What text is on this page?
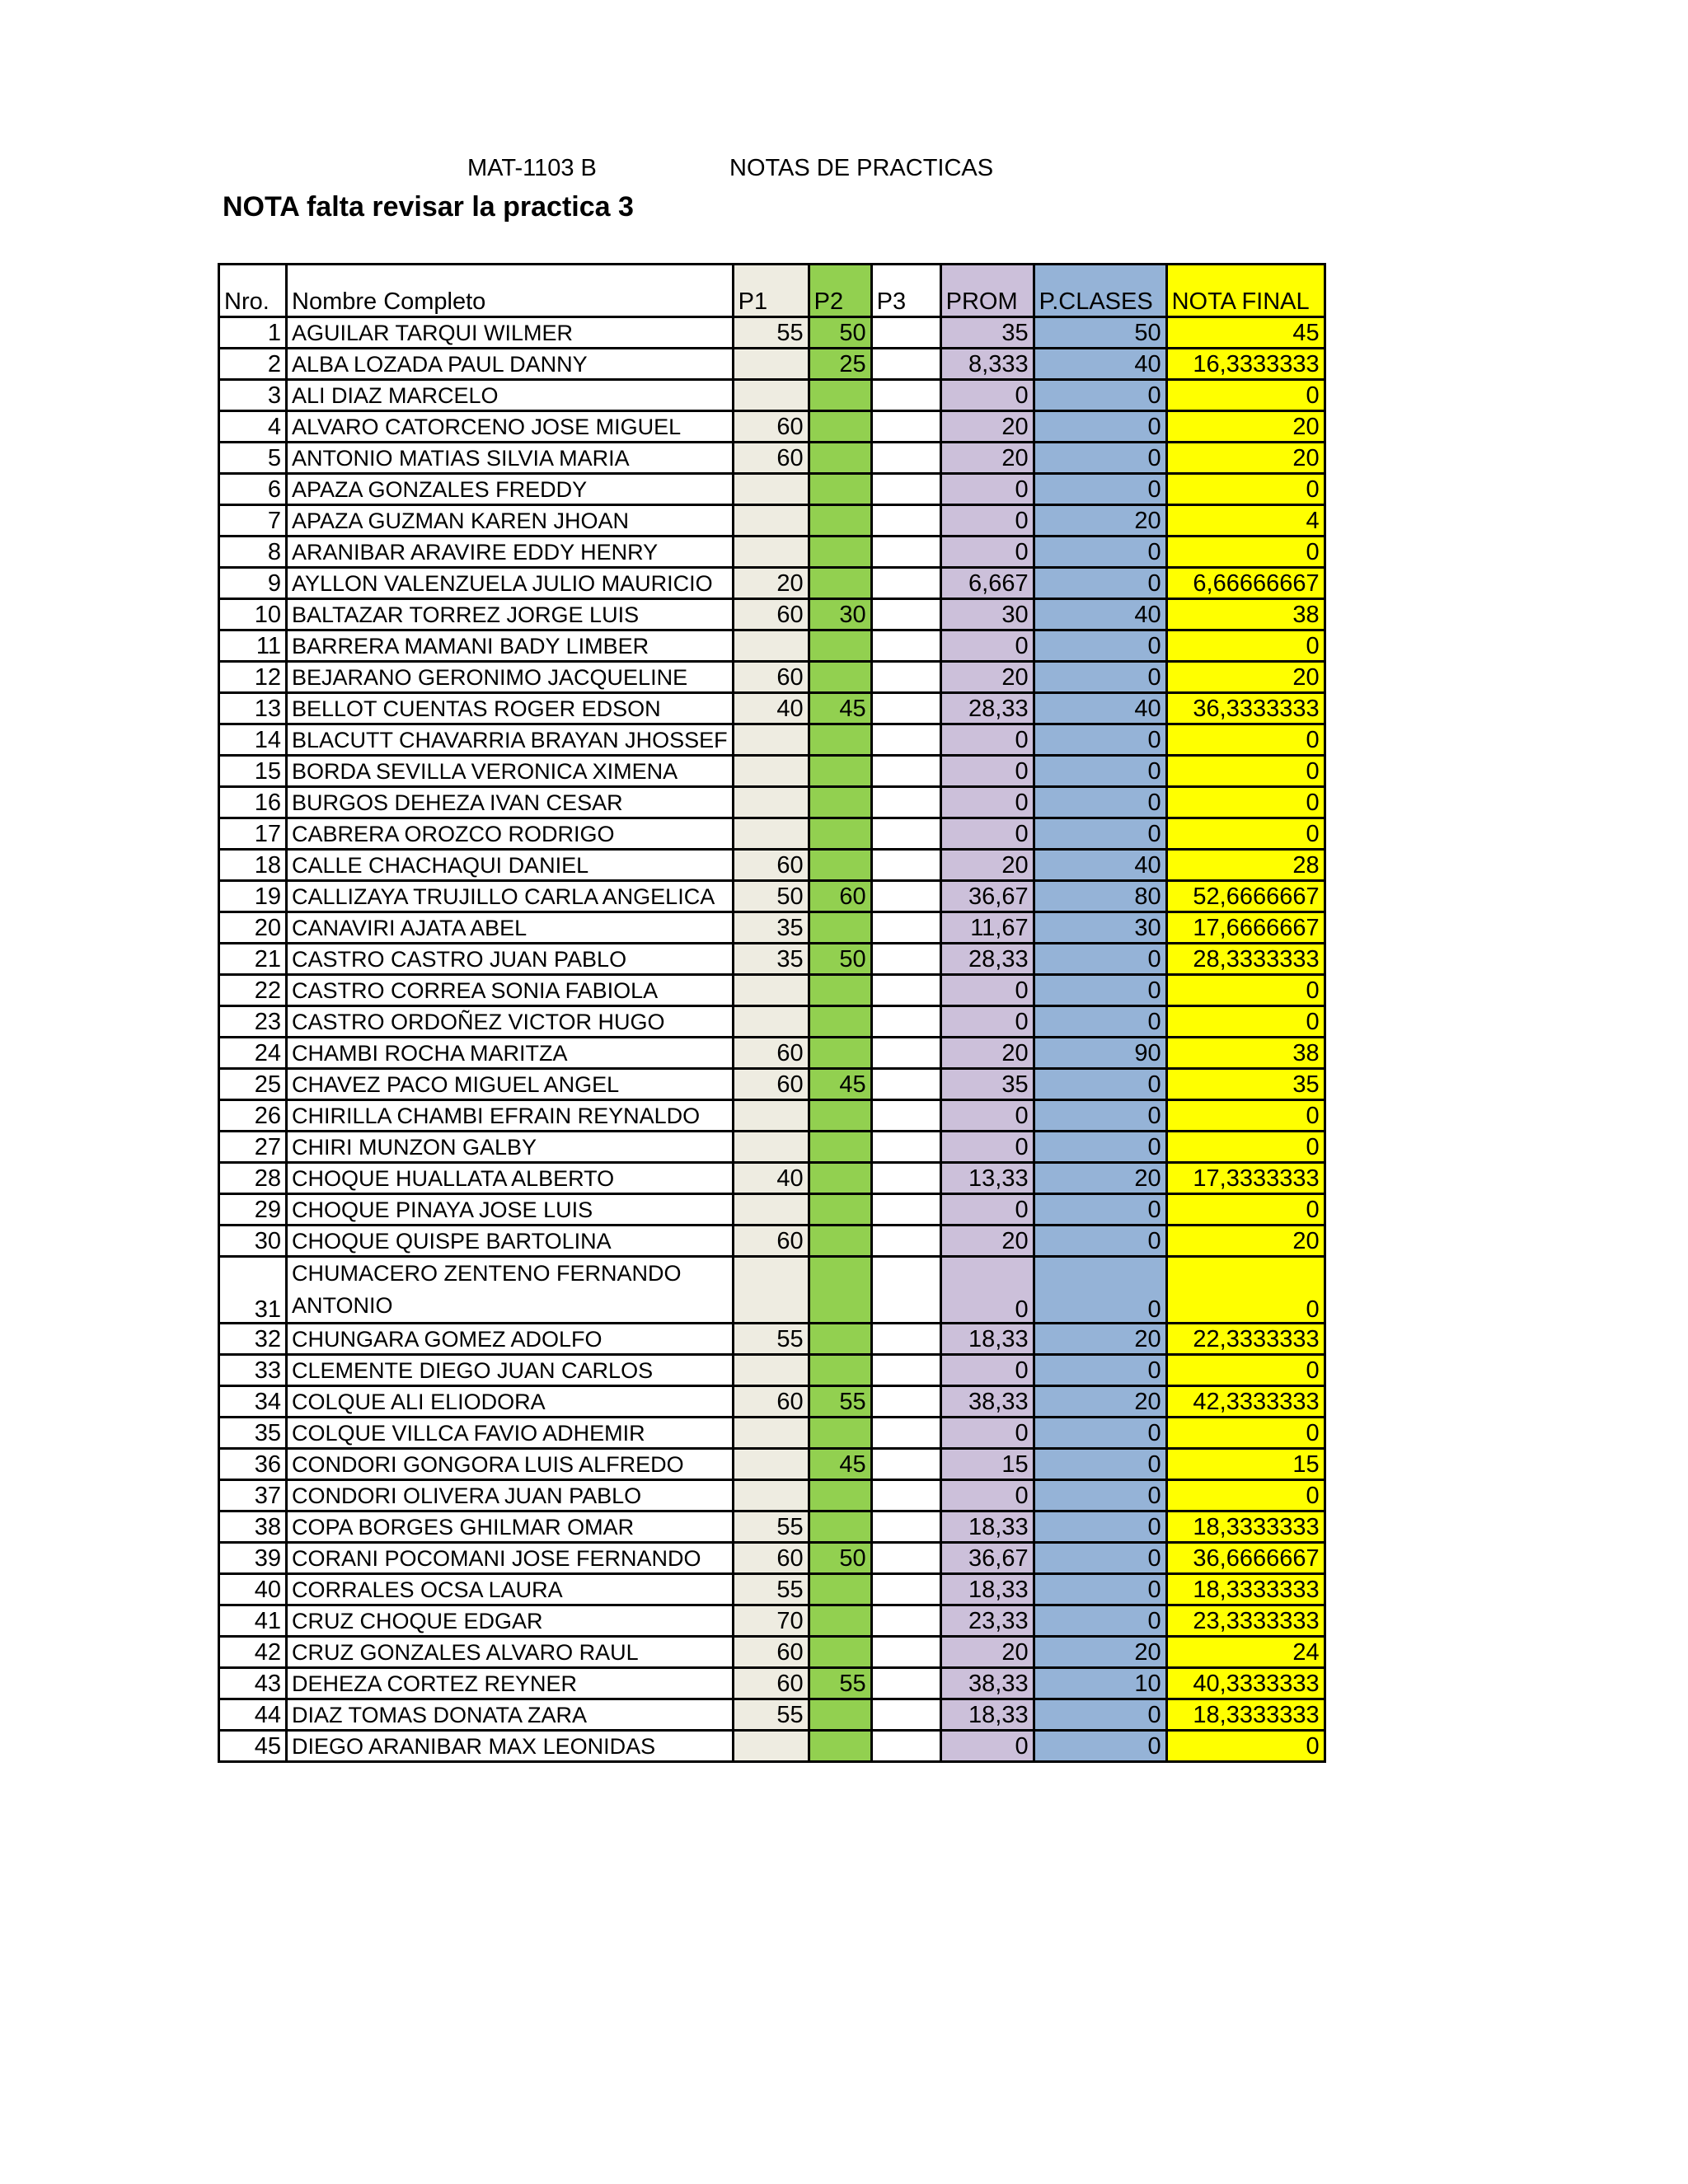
MAT-1103 B	NOTAS DE PRACTICAS
NOTA falta revisar la practica 3
Nro.	Nombre Completo	P1	P2	P3	PROM	P.CLASES	NOTA FINAL
1	AGUILAR TARQUI WILMER	55	50		35	50	45
2	ALBA LOZADA PAUL DANNY		25		8,333	40	16,3333333
3	ALI DIAZ MARCELO				0	0	0
4	ALVARO CATORCENO JOSE MIGUEL	60			20	0	20
5	ANTONIO MATIAS SILVIA MARIA	60			20	0	20
6	APAZA GONZALES FREDDY				0	0	0
7	APAZA GUZMAN KAREN JHOAN				0	20	4
8	ARANIBAR ARAVIRE EDDY HENRY				0	0	0
9	AYLLON VALENZUELA JULIO MAURICIO	20			6,667	0	6,66666667
10	BALTAZAR TORREZ JORGE LUIS	60	30		30	40	38
11	BARRERA MAMANI BADY LIMBER				0	0	0
12	BEJARANO GERONIMO JACQUELINE	60			20	0	20
13	BELLOT CUENTAS ROGER EDSON	40	45		28,33	40	36,3333333
14	BLACUTT CHAVARRIA BRAYAN JHOSSEF				0	0	0
15	BORDA SEVILLA VERONICA XIMENA				0	0	0
16	BURGOS DEHEZA IVAN CESAR				0	0	0
17	CABRERA OROZCO RODRIGO				0	0	0
18	CALLE CHACHAQUI DANIEL	60			20	40	28
19	CALLIZAYA TRUJILLO CARLA ANGELICA	50	60		36,67	80	52,6666667
20	CANAVIRI AJATA ABEL	35			11,67	30	17,6666667
21	CASTRO CASTRO JUAN PABLO	35	50		28,33	0	28,3333333
22	CASTRO CORREA SONIA FABIOLA				0	0	0
23	CASTRO ORDOÑEZ VICTOR HUGO				0	0	0
24	CHAMBI ROCHA MARITZA	60			20	90	38
25	CHAVEZ PACO MIGUEL ANGEL	60	45		35	0	35
26	CHIRILLA CHAMBI EFRAIN REYNALDO				0	0	0
27	CHIRI MUNZON GALBY				0	0	0
28	CHOQUE HUALLATA ALBERTO	40			13,33	20	17,3333333
29	CHOQUE PINAYA JOSE LUIS				0	0	0
30	CHOQUE QUISPE BARTOLINA	60			20	0	20
31	CHUMACERO ZENTENO FERNANDO ANTONIO				0	0	0
32	CHUNGARA GOMEZ ADOLFO	55			18,33	20	22,3333333
33	CLEMENTE DIEGO JUAN CARLOS				0	0	0
34	COLQUE ALI ELIODORA	60	55		38,33	20	42,3333333
35	COLQUE VILLCA FAVIO ADHEMIR				0	0	0
36	CONDORI GONGORA LUIS ALFREDO		45		15	0	15
37	CONDORI OLIVERA JUAN PABLO				0	0	0
38	COPA BORGES GHILMAR OMAR	55			18,33	0	18,3333333
39	CORANI POCOMANI JOSE FERNANDO	60	50		36,67	0	36,6666667
40	CORRALES OCSA LAURA	55			18,33	0	18,3333333
41	CRUZ CHOQUE EDGAR	70			23,33	0	23,3333333
42	CRUZ GONZALES ALVARO RAUL	60			20	20	24
43	DEHEZA CORTEZ REYNER	60	55		38,33	10	40,3333333
44	DIAZ TOMAS DONATA ZARA	55			18,33	0	18,3333333
45	DIEGO ARANIBAR MAX LEONIDAS				0	0	0
